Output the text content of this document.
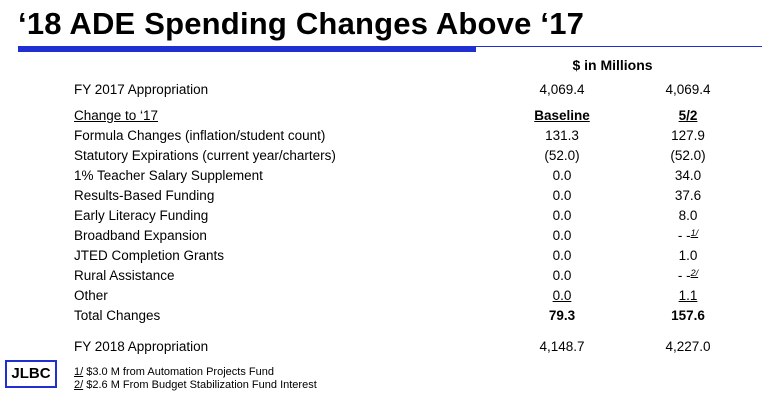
‘18 ADE Spending Changes Above ‘17
$ in Millions
FY 2017 Appropriation	4,069.4	4,069.4
Change to ‘17	Baseline	5/2
Formula Changes (inflation/student count)	131.3	127.9
Statutory Expirations (current year/charters)	(52.0)	(52.0)
1% Teacher Salary Supplement	0.0	34.0
Results-Based Funding	0.0	37.6
Early Literacy Funding	0.0	8.0
Broadband Expansion	0.0	- -$^{1/}$
JTED Completion Grants	0.0	1.0
Rural Assistance	0.0	- -$^{2/}$
Other	0.0	1.1
Total Changes	79.3	157.6
FY 2018 Appropriation	4,148.7	4,227.0
JLBC	1/ $3.0 M from Automation Projects Fund
2/ $2.6 M From Budget Stabilization Fund Interest
